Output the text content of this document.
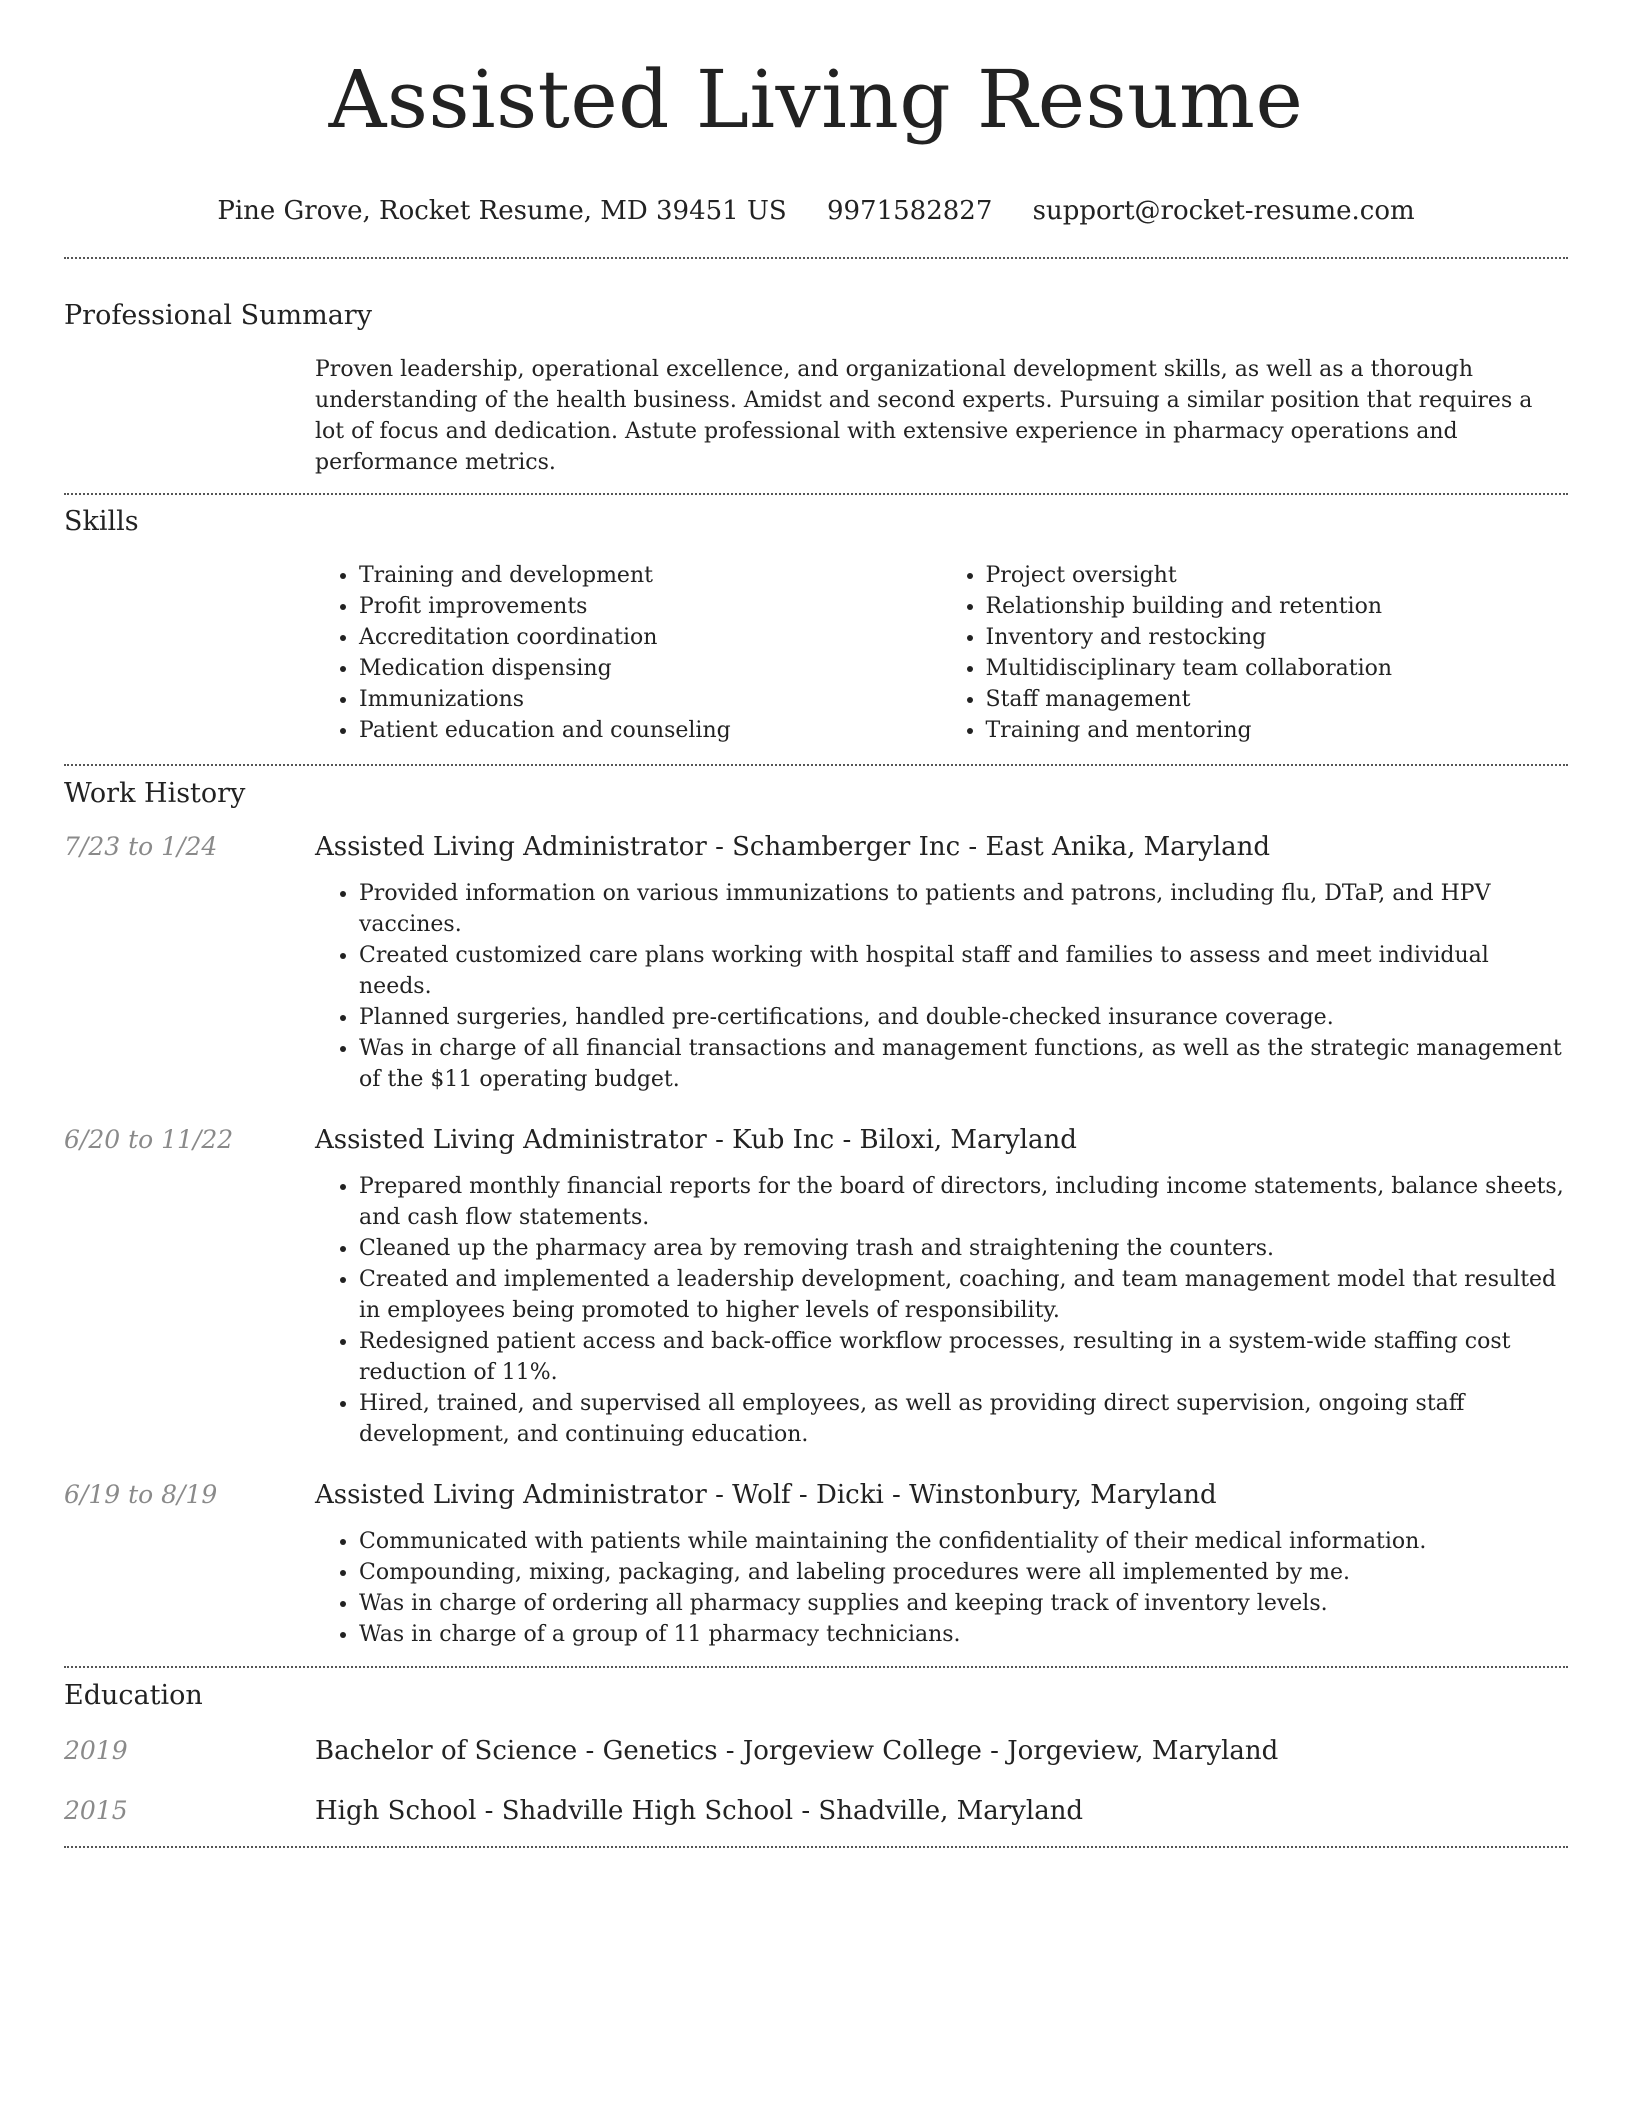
Assisted Living Resume
Pine Grove, Rocket Resume, MD 39451 US 9971582827 support@rocket-resume.com
Professional Summary
Proven leadership, operational excellence, and organizational development skills, as well as a thorough understanding of the health business. Amidst and second experts. Pursuing a similar position that requires a lot of focus and dedication. Astute professional with extensive experience in pharmacy operations and performance metrics.
Skills
• Training and development
• Profit improvements
• Accreditation coordination
• Medication dispensing
• Immunizations
• Patient education and counseling
• Project oversight
• Relationship building and retention
• Inventory and restocking
• Multidisciplinary team collaboration
• Staff management
• Training and mentoring
Work History
7/23 to 1/24	Assisted Living Administrator - Schamberger Inc - East Anika, Maryland
• Provided information on various immunizations to patients and patrons, including flu, DTaP, and HPV vaccines.
• Created customized care plans working with hospital staff and families to assess and meet individual needs.
• Planned surgeries, handled pre-certifications, and double-checked insurance coverage.
• Was in charge of all financial transactions and management functions, as well as the strategic management of the $11 operating budget.
6/20 to 11/22	Assisted Living Administrator - Kub Inc - Biloxi, Maryland
• Prepared monthly financial reports for the board of directors, including income statements, balance sheets, and cash flow statements.
• Cleaned up the pharmacy area by removing trash and straightening the counters.
• Created and implemented a leadership development, coaching, and team management model that resulted in employees being promoted to higher levels of responsibility.
• Redesigned patient access and back-office workflow processes, resulting in a system-wide staffing cost reduction of 11%.
• Hired, trained, and supervised all employees, as well as providing direct supervision, ongoing staff development, and continuing education.
6/19 to 8/19	Assisted Living Administrator - Wolf - Dicki - Winstonbury, Maryland
• Communicated with patients while maintaining the confidentiality of their medical information.
• Compounding, mixing, packaging, and labeling procedures were all implemented by me.
• Was in charge of ordering all pharmacy supplies and keeping track of inventory levels.
• Was in charge of a group of 11 pharmacy technicians.
Education
2019	Bachelor of Science - Genetics - Jorgeview College - Jorgeview, Maryland
2015	High School - Shadville High School - Shadville, Maryland
